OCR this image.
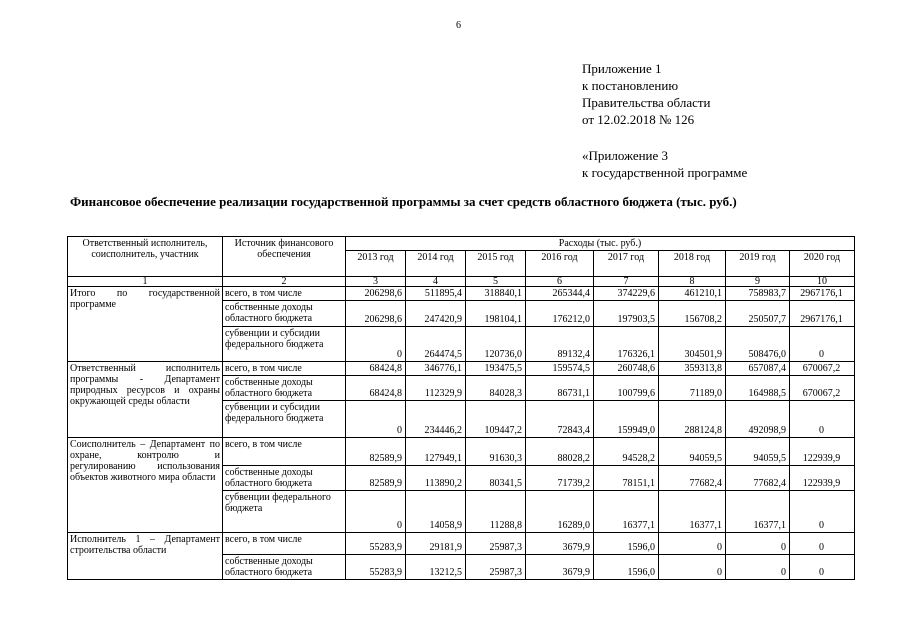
6
Приложение 1
к постановлению
Правительства области
от 12.02.2018 № 126
«Приложение 3
к государственной программе
Финансовое обеспечение реализации государственной программы за счет средств областного бюджета (тыс. руб.)
Ответственный исполнитель, соисполнитель, участник	Источник финансового обеспечения	Расходы (тыс. руб.)							
		2013 год	2014 год	2015 год	2016 год	2017 год	2018 год	2019 год	2020 год
1	2	3	4	5	6	7	8	9	10
Итого по государственной программе	всего, в том числе	206298,6	511895,4	318840,1	265344,4	374229,6	461210,1	758983,7	2967176,1
	собственные доходы областного бюджета	206298,6	247420,9	198104,1	176212,0	197903,5	156708,2	250507,7	2967176,1
	субвенции и субсидии федерального бюджета	0	264474,5	120736,0	89132,4	176326,1	304501,9	508476,0	0
Ответственный исполнитель программы - Департамент природных ресурсов и охраны окружающей среды области	всего, в том числе	68424,8	346776,1	193475,5	159574,5	260748,6	359313,8	657087,4	670067,2
	собственные доходы областного бюджета	68424,8	112329,9	84028,3	86731,1	100799,6	71189,0	164988,5	670067,2
	субвенции и субсидии федерального бюджета	0	234446,2	109447,2	72843,4	159949,0	288124,8	492098,9	0
Соисполнитель – Департамент по охране, контролю и регулированию использования объектов животного мира области	всего, в том числе	82589,9	127949,1	91630,3	88028,2	94528,2	94059,5	94059,5	122939,9
	собственные доходы областного бюджета	82589,9	113890,2	80341,5	71739,2	78151,1	77682,4	77682,4	122939,9
	субвенции федерального бюджета	0	14058,9	11288,8	16289,0	16377,1	16377,1	16377,1	0
Исполнитель 1 – Департамент строительства области	всего, в том числе	55283,9	29181,9	25987,3	3679,9	1596,0	0	0	0
	собственные доходы областного бюджета	55283,9	13212,5	25987,3	3679,9	1596,0	0	0	0
